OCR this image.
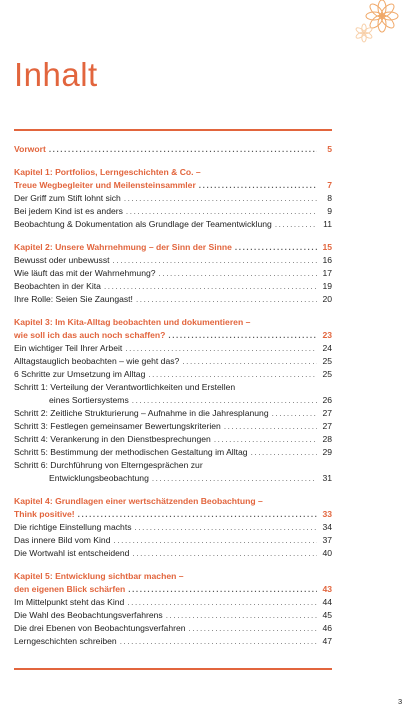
Inhalt
Vorwort .....	5
Kapitel 1: Portfolios, Lerngeschichten & Co. –
Treue Wegbegleiter und Meilensteinsammler .....	7
Der Griff zum Stift lohnt sich .....	8
Bei jedem Kind ist es anders .....	9
Beobachtung & Dokumentation als Grundlage der Teamentwicklung .....	11
Kapitel 2: Unsere Wahrnehmung – der Sinn der Sinne .....	15
Bewusst oder unbewusst .....	16
Wie läuft das mit der Wahrnehmung? .....	17
Beobachten in der Kita .....	19
Ihre Rolle: Seien Sie Zaungast! .....	20
Kapitel 3: Im Kita-Alltag beobachten und dokumentieren –
wie soll ich das auch noch schaffen? .....	23
Ein wichtiger Teil Ihrer Arbeit .....	24
Alltagstauglich beobachten – wie geht das? .....	25
6 Schritte zur Umsetzung im Alltag .....	25
Schritt 1: Verteilung der Verantwortlichkeiten und Erstellen
eines Sortiersystems .....	26
Schritt 2: Zeitliche Strukturierung – Aufnahme in die Jahresplanung .....	27
Schritt 3: Festlegen gemeinsamer Bewertungskriterien .....	27
Schritt 4: Verankerung in den Dienstbesprechungen .....	28
Schritt 5: Bestimmung der methodischen Gestaltung im Alltag .....	29
Schritt 6: Durchführung von Elterngesprächen zur
Entwicklungsbeobachtung .....	31
Kapitel 4: Grundlagen einer wertschätzenden Beobachtung –
Think positive! .....	33
Die richtige Einstellung machts .....	34
Das innere Bild vom Kind .....	37
Die Wortwahl ist entscheidend .....	40
Kapitel 5: Entwicklung sichtbar machen –
den eigenen Blick schärfen .....	43
Im Mittelpunkt steht das Kind .....	44
Die Wahl des Beobachtungsverfahrens .....	45
Die drei Ebenen von Beobachtungsverfahren .....	46
Lerngeschichten schreiben .....	47
3
